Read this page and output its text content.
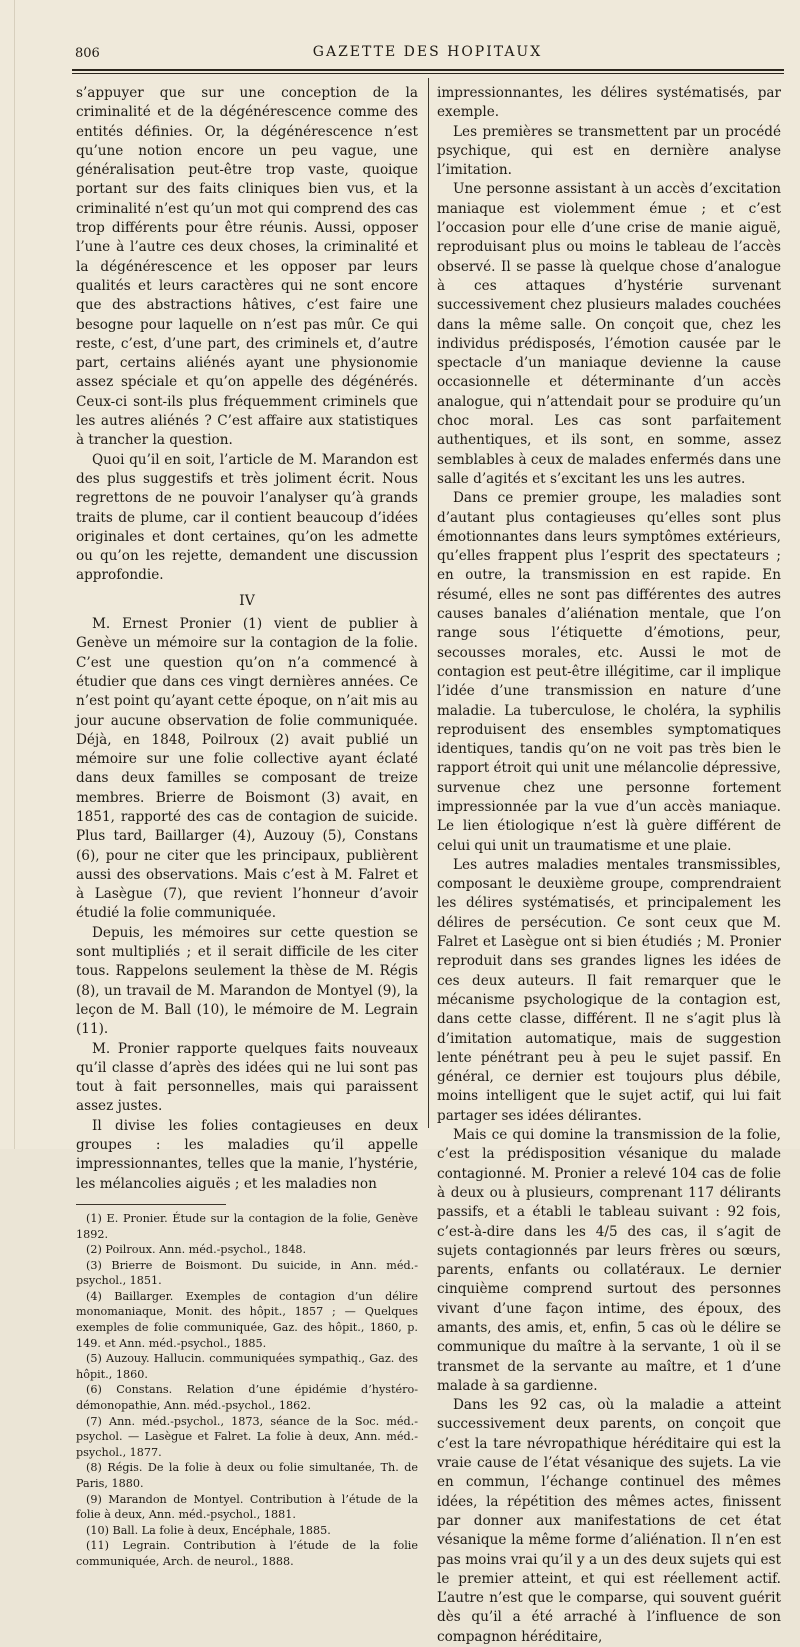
806	GAZETTE DES HOPITAUX

s’appuyer que sur une conception de la criminalité et de la dégénérescence comme des entités définies. Or, la dégénérescence n’est qu’une notion encore un peu vague, une généralisation peut-être trop vaste, quoique portant sur des faits cliniques bien vus, et la criminalité n’est qu’un mot qui comprend des cas trop différents pour être réunis. Aussi, opposer l’une à l’autre ces deux choses, la criminalité et la dégénérescence et les opposer par leurs qualités et leurs caractères qui ne sont encore que des abstractions hâtives, c’est faire une besogne pour laquelle on n’est pas mûr. Ce qui reste, c’est, d’une part, des criminels et, d’autre part, certains aliénés ayant une physionomie assez spéciale et qu’on appelle des dégénérés. Ceux-ci sont-ils plus fréquemment criminels que les autres aliénés ? C’est affaire aux statistiques à trancher la question.

Quoi qu’il en soit, l’article de M. Marandon est des plus suggestifs et très joliment écrit. Nous regrettons de ne pouvoir l’analyser qu’à grands traits de plume, car il contient beaucoup d’idées originales et dont certaines, qu’on les admette ou qu’on les rejette, demandent une discussion approfondie.

IV

M. Ernest Pronier (1) vient de publier à Genève un mémoire sur la contagion de la folie. C’est une question qu’on n’a commencé à étudier que dans ces vingt dernières années. Ce n’est point qu’ayant cette époque, on n’ait mis au jour aucune observation de folie communiquée. Déjà, en 1848, Poilroux (2) avait publié un mémoire sur une folie collective ayant éclaté dans deux familles se composant de treize membres. Brierre de Boismont (3) avait, en 1851, rapporté des cas de contagion de suicide. Plus tard, Baillarger (4), Auzouy (5), Constans (6), pour ne citer que les principaux, publièrent aussi des observations. Mais c’est à M. Falret et à Lasègue (7), que revient l’honneur d’avoir étudié la folie communiquée.

Depuis, les mémoires sur cette question se sont multipliés ; et il serait difficile de les citer tous. Rappelons seulement la thèse de M. Régis (8), un travail de M. Marandon de Montyel (9), la leçon de M. Ball (10), le mémoire de M. Legrain (11).

M. Pronier rapporte quelques faits nouveaux qu’il classe d’après des idées qui ne lui sont pas tout à fait personnelles, mais qui paraissent assez justes.

Il divise les folies contagieuses en deux groupes : les maladies qu’il appelle impressionnantes, telles que la manie, l’hystérie, les mélancolies aiguës ; et les maladies non

(1) E. Pronier. Étude sur la contagion de la folie, Genève 1892.

(2) Poilroux. Ann. méd.-psychol., 1848.

(3) Brierre de Boismont. Du suicide, in Ann. méd.-psychol., 1851.

(4) Baillarger. Exemples de contagion d’un délire monomaniaque, Monit. des hôpit., 1857 ; — Quelques exemples de folie communiquée, Gaz. des hôpit., 1860, p. 149. et Ann. méd.-psychol., 1885.

(5) Auzouy. Hallucin. communiquées sympathiq., Gaz. des hôpit., 1860.

(6) Constans. Relation d’une épidémie d’hystéro-démonopathie, Ann. méd.-psychol., 1862.

(7) Ann. méd.-psychol., 1873, séance de la Soc. méd.-psychol. — Lasègue et Falret. La folie à deux, Ann. méd.-psychol., 1877.

(8) Régis. De la folie à deux ou folie simultanée, Th. de Paris, 1880.

(9) Marandon de Montyel. Contribution à l’étude de la folie à deux, Ann. méd.-psychol., 1881.

(10) Ball. La folie à deux, Encéphale, 1885.

(11) Legrain. Contribution à l’étude de la folie communiquée, Arch. de neurol., 1888.

impressionnantes, les délires systématisés, par exemple.

Les premières se transmettent par un procédé psychique, qui est en dernière analyse l’imitation.

Une personne assistant à un accès d’excitation maniaque est violemment émue ; et c’est l’occasion pour elle d’une crise de manie aiguë, reproduisant plus ou moins le tableau de l’accès observé. Il se passe là quelque chose d’analogue à ces attaques d’hystérie survenant successivement chez plusieurs malades couchées dans la même salle. On conçoit que, chez les individus prédisposés, l’émotion causée par le spectacle d’un maniaque devienne la cause occasionnelle et déterminante d’un accès analogue, qui n’attendait pour se produire qu’un choc moral. Les cas sont parfaitement authentiques, et ils sont, en somme, assez semblables à ceux de malades enfermés dans une salle d’agités et s’excitant les uns les autres.

Dans ce premier groupe, les maladies sont d’autant plus contagieuses qu’elles sont plus émotionnantes dans leurs symptômes extérieurs, qu’elles frappent plus l’esprit des spectateurs ; en outre, la transmission en est rapide. En résumé, elles ne sont pas différentes des autres causes banales d’aliénation mentale, que l’on range sous l’étiquette d’émotions, peur, secousses morales, etc. Aussi le mot de contagion est peut-être illégitime, car il implique l’idée d’une transmission en nature d’une maladie. La tuberculose, le choléra, la syphilis reproduisent des ensembles symptomatiques identiques, tandis qu’on ne voit pas très bien le rapport étroit qui unit une mélancolie dépressive, survenue chez une personne fortement impressionnée par la vue d’un accès maniaque. Le lien étiologique n’est là guère différent de celui qui unit un traumatisme et une plaie.

Les autres maladies mentales transmissibles, composant le deuxième groupe, comprendraient les délires systématisés, et principalement les délires de persécution. Ce sont ceux que M. Falret et Lasègue ont si bien étudiés ; M. Pronier reproduit dans ses grandes lignes les idées de ces deux auteurs. Il fait remarquer que le mécanisme psychologique de la contagion est, dans cette classe, différent. Il ne s’agit plus là d’imitation automatique, mais de suggestion lente pénétrant peu à peu le sujet passif. En général, ce dernier est toujours plus débile, moins intelligent que le sujet actif, qui lui fait partager ses idées délirantes.

Mais ce qui domine la transmission de la folie, c’est la prédisposition vésanique du malade contagionné. M. Pronier a relevé 104 cas de folie à deux ou à plusieurs, comprenant 117 délirants passifs, et a établi le tableau suivant : 92 fois, c’est-à-dire dans les 4/5 des cas, il s’agit de sujets contagionnés par leurs frères ou sœurs, parents, enfants ou collatéraux. Le dernier cinquième comprend surtout des personnes vivant d’une façon intime, des époux, des amants, des amis, et, enfin, 5 cas où le délire se communique du maître à la servante, 1 où il se transmet de la servante au maître, et 1 d’une malade à sa gardienne.

Dans les 92 cas, où la maladie a atteint successivement deux parents, on conçoit que c’est la tare névropathique héréditaire qui est la vraie cause de l’état vésanique des sujets. La vie en commun, l’échange continuel des mêmes idées, la répétition des mêmes actes, finissent par donner aux manifestations de cet état vésanique la même forme d’aliénation. Il n’en est pas moins vrai qu’il y a un des deux sujets qui est le premier atteint, et qui est réellement actif. L’autre n’est que le comparse, qui souvent guérit dès qu’il a été arraché à l’influence de son compagnon héréditaire,
